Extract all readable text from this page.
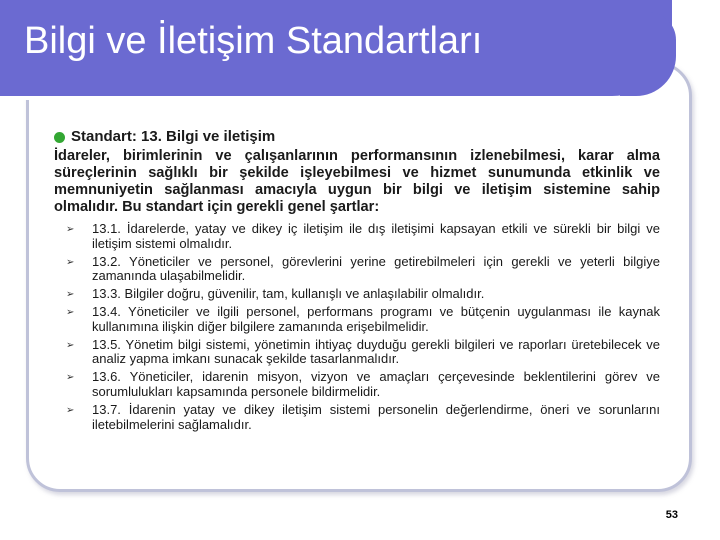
Bilgi ve İletişim Standartları
Standart: 13. Bilgi ve iletişim

İdareler, birimlerinin ve çalışanlarının performansının izlenebilmesi, karar alma süreçlerinin sağlıklı bir şekilde işleyebilmesi ve hizmet sunumunda etkinlik ve memnuniyetin sağlanması amacıyla uygun bir bilgi ve iletişim sistemine sahip olmalıdır. Bu standart için gerekli genel şartlar:

➢ 13.1. İdarelerde, yatay ve dikey iç iletişim ile dış iletişimi kapsayan etkili ve sürekli bir bilgi ve iletişim sistemi olmalıdır.
➢ 13.2. Yöneticiler ve personel, görevlerini yerine getirebilmeleri için gerekli ve yeterli bilgiye zamanında ulaşabilmelidir.
➢ 13.3. Bilgiler doğru, güvenilir, tam, kullanışlı ve anlaşılabilir olmalıdır.
➢ 13.4. Yöneticiler ve ilgili personel, performans programı ve bütçenin uygulanması ile kaynak kullanımına ilişkin diğer bilgilere zamanında erişebilmelidir.
➢ 13.5. Yönetim bilgi sistemi, yönetimin ihtiyaç duyduğu gerekli bilgileri ve raporları üretebilecek ve analiz yapma imkanı sunacak şekilde tasarlanmalıdır.
➢ 13.6. Yöneticiler, idarenin misyon, vizyon ve amaçları çerçevesinde beklentilerini görev ve sorumlulukları kapsamında personele bildirmelidir.
➢ 13.7. İdarenin yatay ve dikey iletişim sistemi personelin değerlendirme, öneri ve sorunlarını iletebilmelerini sağlamalıdır.
53
